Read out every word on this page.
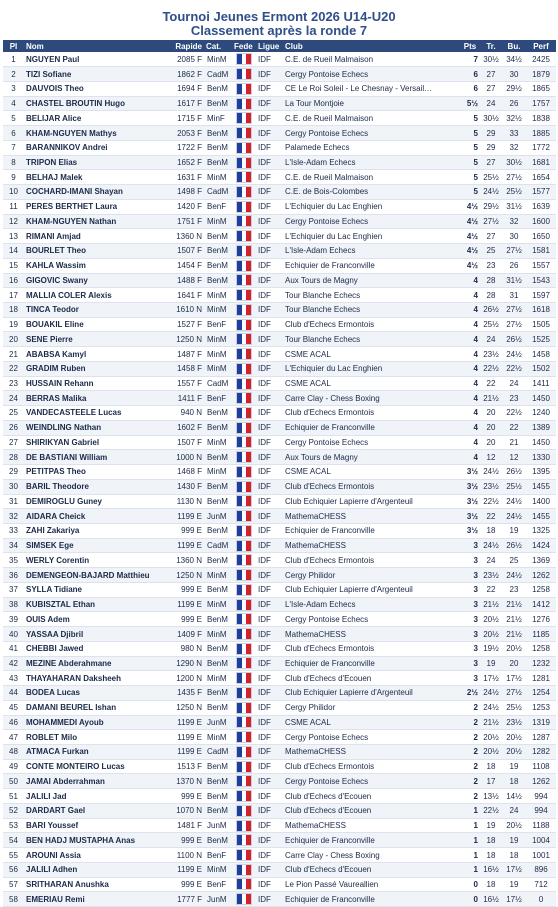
Tournoi Jeunes Ermont 2026 U14-U20
Classement après la ronde 7
Pl	Nom	Rapide	Cat.	Fede	Ligue	Club	Pts	Tr.	Bu.	Perf
1	NGUYEN Paul	2085 F	MinM		IDF	C.E. de Rueil Malmaison	7	30½	34½	2425
2	TIZI Sofiane	1862 F	CadM		IDF	Cergy Pontoise Echecs	6	27	30	1879
3	DAUVOIS Theo	1694 F	BenM		IDF	CE Le Roi Soleil - Le Chesnay - Versail…	6	27	29½	1865
4	CHASTEL BROUTIN Hugo	1617 F	BenM		IDF	La Tour Montjoie	5½	24	26	1757
5	BELIJAR Alice	1715 F	MinF		IDF	C.E. de Rueil Malmaison	5	30½	32½	1838
6	KHAM-NGUYEN Mathys	2053 F	BenM		IDF	Cergy Pontoise Echecs	5	29	33	1885
7	BARANNIKOV Andrei	1722 F	BenM		IDF	Palamede Echecs	5	29	32	1772
8	TRIPON Elias	1652 F	BenM		IDF	L'Isle-Adam Echecs	5	27	30½	1681
9	BELHAJ Malek	1631 F	MinM		IDF	C.E. de Rueil Malmaison	5	25½	27½	1654
10	COCHARD-IMANI Shayan	1498 F	CadM		IDF	C.E. de Bois-Colombes	5	24½	25½	1577
11	PERES BERTHET Laura	1420 F	BenF		IDF	L'Echiquier du Lac Enghien	4½	29½	31½	1639
12	KHAM-NGUYEN Nathan	1751 F	MinM		IDF	Cergy Pontoise Echecs	4½	27½	32	1600
13	RIMANI Amjad	1360 N	BenM		IDF	L'Echiquier du Lac Enghien	4½	27	30	1650
14	BOURLET Theo	1507 F	BenM		IDF	L'Isle-Adam Echecs	4½	25	27½	1581
15	KAHLA Wassim	1454 F	BenM		IDF	Echiquier de Franconville	4½	23	26	1557
16	GIGOVIC Swany	1488 F	BenM		IDF	Aux Tours de Magny	4	28	31½	1543
17	MALLIA COLER Alexis	1641 F	MinM		IDF	Tour Blanche Echecs	4	28	31	1597
18	TINCA Teodor	1610 N	MinM		IDF	Tour Blanche Echecs	4	26½	27½	1618
19	BOUAKIL Eline	1527 F	BenF		IDF	Club d'Echecs Ermontois	4	25½	27½	1505
20	SENE Pierre	1250 N	MinM		IDF	Tour Blanche Echecs	4	24	26½	1525
21	ABABSA Kamyl	1487 F	MinM		IDF	CSME ACAL	4	23½	24½	1458
22	GRADIM Ruben	1458 F	MinM		IDF	L'Echiquier du Lac Enghien	4	22½	22½	1502
23	HUSSAIN Rehann	1557 F	CadM		IDF	CSME ACAL	4	22	24	1411
24	BERRAS Malika	1411 F	BenF		IDF	Carre Clay - Chess Boxing	4	21½	23	1450
25	VANDECASTEELE Lucas	940 N	BenM		IDF	Club d'Echecs Ermontois	4	20	22½	1240
26	WEINDLING Nathan	1602 F	BenM		IDF	Echiquier de Franconville	4	20	22	1389
27	SHIRIKYAN Gabriel	1507 F	MinM		IDF	Cergy Pontoise Echecs	4	20	21	1450
28	DE BASTIANI William	1000 N	BenM		IDF	Aux Tours de Magny	4	12	12	1330
29	PETITPAS Theo	1468 F	MinM		IDF	CSME ACAL	3½	24½	26½	1395
30	BARIL Theodore	1430 F	BenM		IDF	Club d'Echecs Ermontois	3½	23½	25½	1455
31	DEMIROGLU Guney	1130 N	BenM		IDF	Club Echiquier Lapierre d'Argenteuil	3½	22½	24½	1400
32	AIDARA Cheick	1199 E	JunM		IDF	MathemaCHESS	3½	22	24½	1455
33	ZAHI Zakariya	999 E	BenM		IDF	Echiquier de Franconville	3½	18	19	1325
34	SIMSEK Ege	1199 E	CadM		IDF	MathemaCHESS	3	24½	26½	1424
35	WERLY Corentin	1360 N	BenM		IDF	Club d'Echecs Ermontois	3	24	25	1369
36	DEMENGEON-BAJARD Matthieu	1250 N	MinM		IDF	Cergy Philidor	3	23½	24½	1262
37	SYLLA Tidiane	999 E	BenM		IDF	Club Echiquier Lapierre d'Argenteuil	3	22	23	1258
38	KUBISZTAL Ethan	1199 E	MinM		IDF	L'Isle-Adam Echecs	3	21½	21½	1412
39	OUIS Adem	999 E	BenM		IDF	Cergy Pontoise Echecs	3	20½	21½	1276
40	YASSAA Djibril	1409 F	MinM		IDF	MathemaCHESS	3	20½	21½	1185
41	CHEBBI Jawed	980 N	BenM		IDF	Club d'Echecs Ermontois	3	19½	20½	1258
42	MEZINE Abderahmane	1290 N	BenM		IDF	Echiquier de Franconville	3	19	20	1232
43	THAYAHARAN Daksheeh	1200 N	MinM		IDF	Club d'Echecs d'Ecouen	3	17½	17½	1281
44	BODEA Lucas	1435 F	BenM		IDF	Club Echiquier Lapierre d'Argenteuil	2½	24½	27½	1254
45	DAMANI BEUREL Ishan	1250 N	BenM		IDF	Cergy Philidor	2	24½	25½	1253
46	MOHAMMEDI Ayoub	1199 E	JunM		IDF	CSME ACAL	2	21½	23½	1319
47	ROBLET Milo	1199 E	MinM		IDF	Cergy Pontoise Echecs	2	20½	20½	1287
48	ATMACA Furkan	1199 E	CadM		IDF	MathemaCHESS	2	20½	20½	1282
49	CONTE MONTEIRO Lucas	1513 F	BenM		IDF	Club d'Echecs Ermontois	2	18	19	1108
50	JAMAI Abderrahman	1370 N	BenM		IDF	Cergy Pontoise Echecs	2	17	18	1262
51	JALILI Jad	999 E	BenM		IDF	Club d'Echecs d'Ecouen	2	13½	14½	994
52	DARDART Gael	1070 N	BenM		IDF	Club d'Echecs d'Ecouen	1	22½	24	994
53	BARI Youssef	1481 F	JunM		IDF	MathemaCHESS	1	19	20½	1188
54	BEN HADJ MUSTAPHA Anas	999 E	BenM		IDF	Echiquier de Franconville	1	18	19	1004
55	AROUNI Assia	1100 N	BenF		IDF	Carre Clay - Chess Boxing	1	18	18	1001
56	JALILI Adhen	1199 E	MinM		IDF	Club d'Echecs d'Ecouen	1	16½	17½	896
57	SRITHARAN Anushka	999 E	BenF		IDF	Le Pion Passé Vaureallien	0	18	19	712
58	EMERIAU Remi	1777 F	JunM		IDF	Echiquier de Franconville	0	16½	17½	0
